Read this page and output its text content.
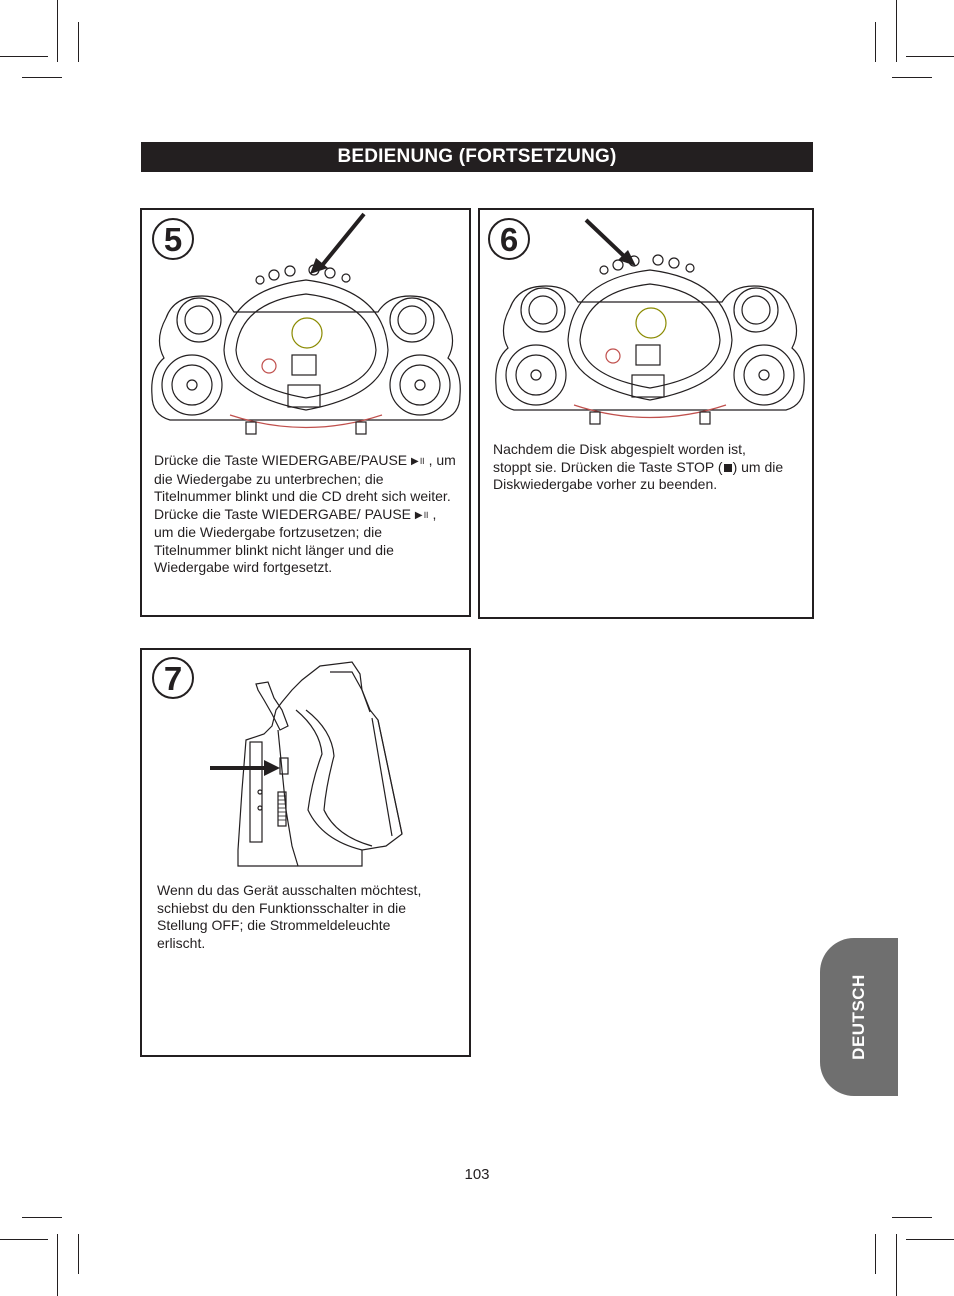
BEDIENUNG (FORTSETZUNG)
5
Drücke die Taste WIEDERGABE/PAUSE ▶॥ , um
die Wiedergabe zu unterbrechen; die
Titelnummer blinkt und die CD dreht sich weiter.
Drücke die Taste WIEDERGABE/ PAUSE ▶॥ ,
um die Wiedergabe fortzusetzen; die
Titelnummer blinkt nicht länger und die
Wiedergabe wird fortgesetzt.
6
Nachdem die Disk abgespielt worden ist,
stoppt sie. Drücken die Taste STOP ( ) um die
Diskwiedergabe vorher zu beenden.
7
Wenn du das Gerät ausschalten möchtest,
schiebst du den Funktionsschalter in die
Stellung OFF; die Strommeldeleuchte
erlischt.
DEUTSCH
103
